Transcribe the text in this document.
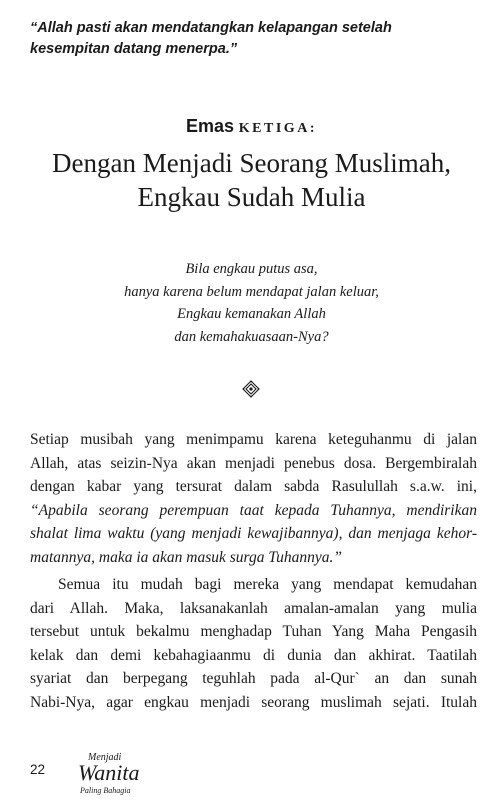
“Allah pasti akan mendatangkan kelapangan setelah kesempitan datang menerpa.”
Emas KETIGA:
Dengan Menjadi Seorang Muslimah,
Engkau Sudah Mulia
Bila engkau putus asa,
hanya karena belum mendapat jalan keluar,
Engkau kemanakan Allah
dan kemahakuasaan-Nya?

Setiap musibah yang menimpamu karena keteguhanmu di jalan
Allah, atas seizin-Nya akan menjadi penebus dosa. Bergembiralah
dengan kabar yang tersurat dalam sabda Rasulullah s.a.w. ini,
“Apabila seorang perempuan taat kepada Tuhannya, mendirikan
shalat lima waktu (yang menjadi kewajibannya), dan menjaga kehor-
matannya, maka ia akan masuk surga Tuhannya.”

Semua itu mudah bagi mereka yang mendapat kemudahan
dari Allah. Maka, laksanakanlah amalan-amalan yang mulia
tersebut untuk bekalmu menghadap Tuhan Yang Maha Pengasih
kelak dan demi kebahagiaanmu di dunia dan akhirat. Taatilah
syariat dan berpegang teguhlah pada al-Qur` an dan sunah
Nabi-Nya, agar engkau menjadi seorang muslimah sejati. Itulah

22
Menjadi
Wanita
Paling Bahagia
